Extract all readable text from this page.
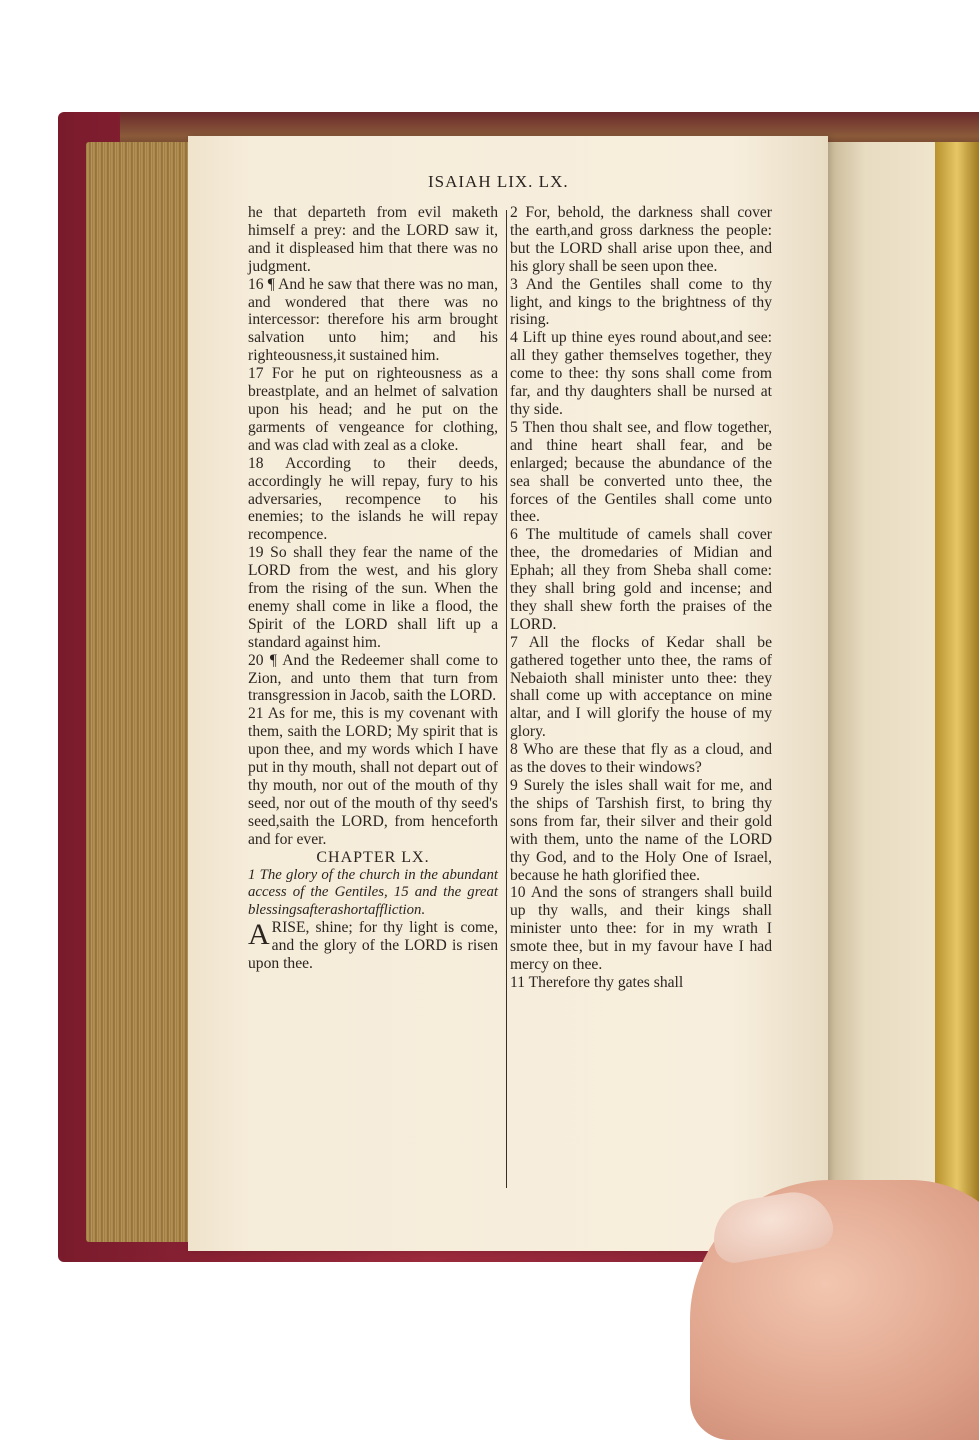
ISAIAH LIX. LX.

he that departeth from evil maketh himself a prey: and the LORD saw it, and it displeased him that there was no judgment.

16 ¶ And he saw that there was no man, and wondered that there was no intercessor: therefore his arm brought salvation unto him; and his righteousness,it sustained him.

17 For he put on righteousness as a breastplate, and an helmet of salvation upon his head; and he put on the garments of vengeance for clothing, and was clad with zeal as a cloke.

18 According to their deeds, accordingly he will repay, fury to his adversaries, recompence to his enemies; to the islands he will repay recompence.

19 So shall they fear the name of the LORD from the west, and his glory from the rising of the sun. When the enemy shall come in like a flood, the Spirit of the LORD shall lift up a standard against him.

20 ¶ And the Redeemer shall come to Zion, and unto them that turn from transgression in Jacob, saith the LORD.

21 As for me, this is my covenant with them, saith the LORD; My spirit that is upon thee, and my words which I have put in thy mouth, shall not depart out of thy mouth, nor out of the mouth of thy seed, nor out of the mouth of thy seed's seed,saith the LORD, from henceforth and for ever.

CHAPTER LX.

1 The glory of the church in the abundant access of the Gentiles, 15 and the great blessingsafterashortaffliction.

ARISE, shine; for thy light is come, and the glory of the LORD is risen upon thee.

2 For, behold, the darkness shall cover the earth,and gross darkness the people: but the LORD shall arise upon thee, and his glory shall be seen upon thee.

3 And the Gentiles shall come to thy light, and kings to the brightness of thy rising.

4 Lift up thine eyes round about,and see: all they gather themselves together, they come to thee: thy sons shall come from far, and thy daughters shall be nursed at thy side.

5 Then thou shalt see, and flow together, and thine heart shall fear, and be enlarged; because the abundance of the sea shall be converted unto thee, the forces of the Gentiles shall come unto thee.

6 The multitude of camels shall cover thee, the dromedaries of Midian and Ephah; all they from Sheba shall come: they shall bring gold and incense; and they shall shew forth the praises of the LORD.

7 All the flocks of Kedar shall be gathered together unto thee, the rams of Nebaioth shall minister unto thee: they shall come up with acceptance on mine altar, and I will glorify the house of my glory.

8 Who are these that fly as a cloud, and as the doves to their windows?

9 Surely the isles shall wait for me, and the ships of Tarshish first, to bring thy sons from far, their silver and their gold with them, unto the name of the LORD thy God, and to the Holy One of Israel, because he hath glorified thee.

10 And the sons of strangers shall build up thy walls, and their kings shall minister unto thee: for in my wrath I smote thee, but in my favour have I had mercy on thee.

11 Therefore thy gates shall
